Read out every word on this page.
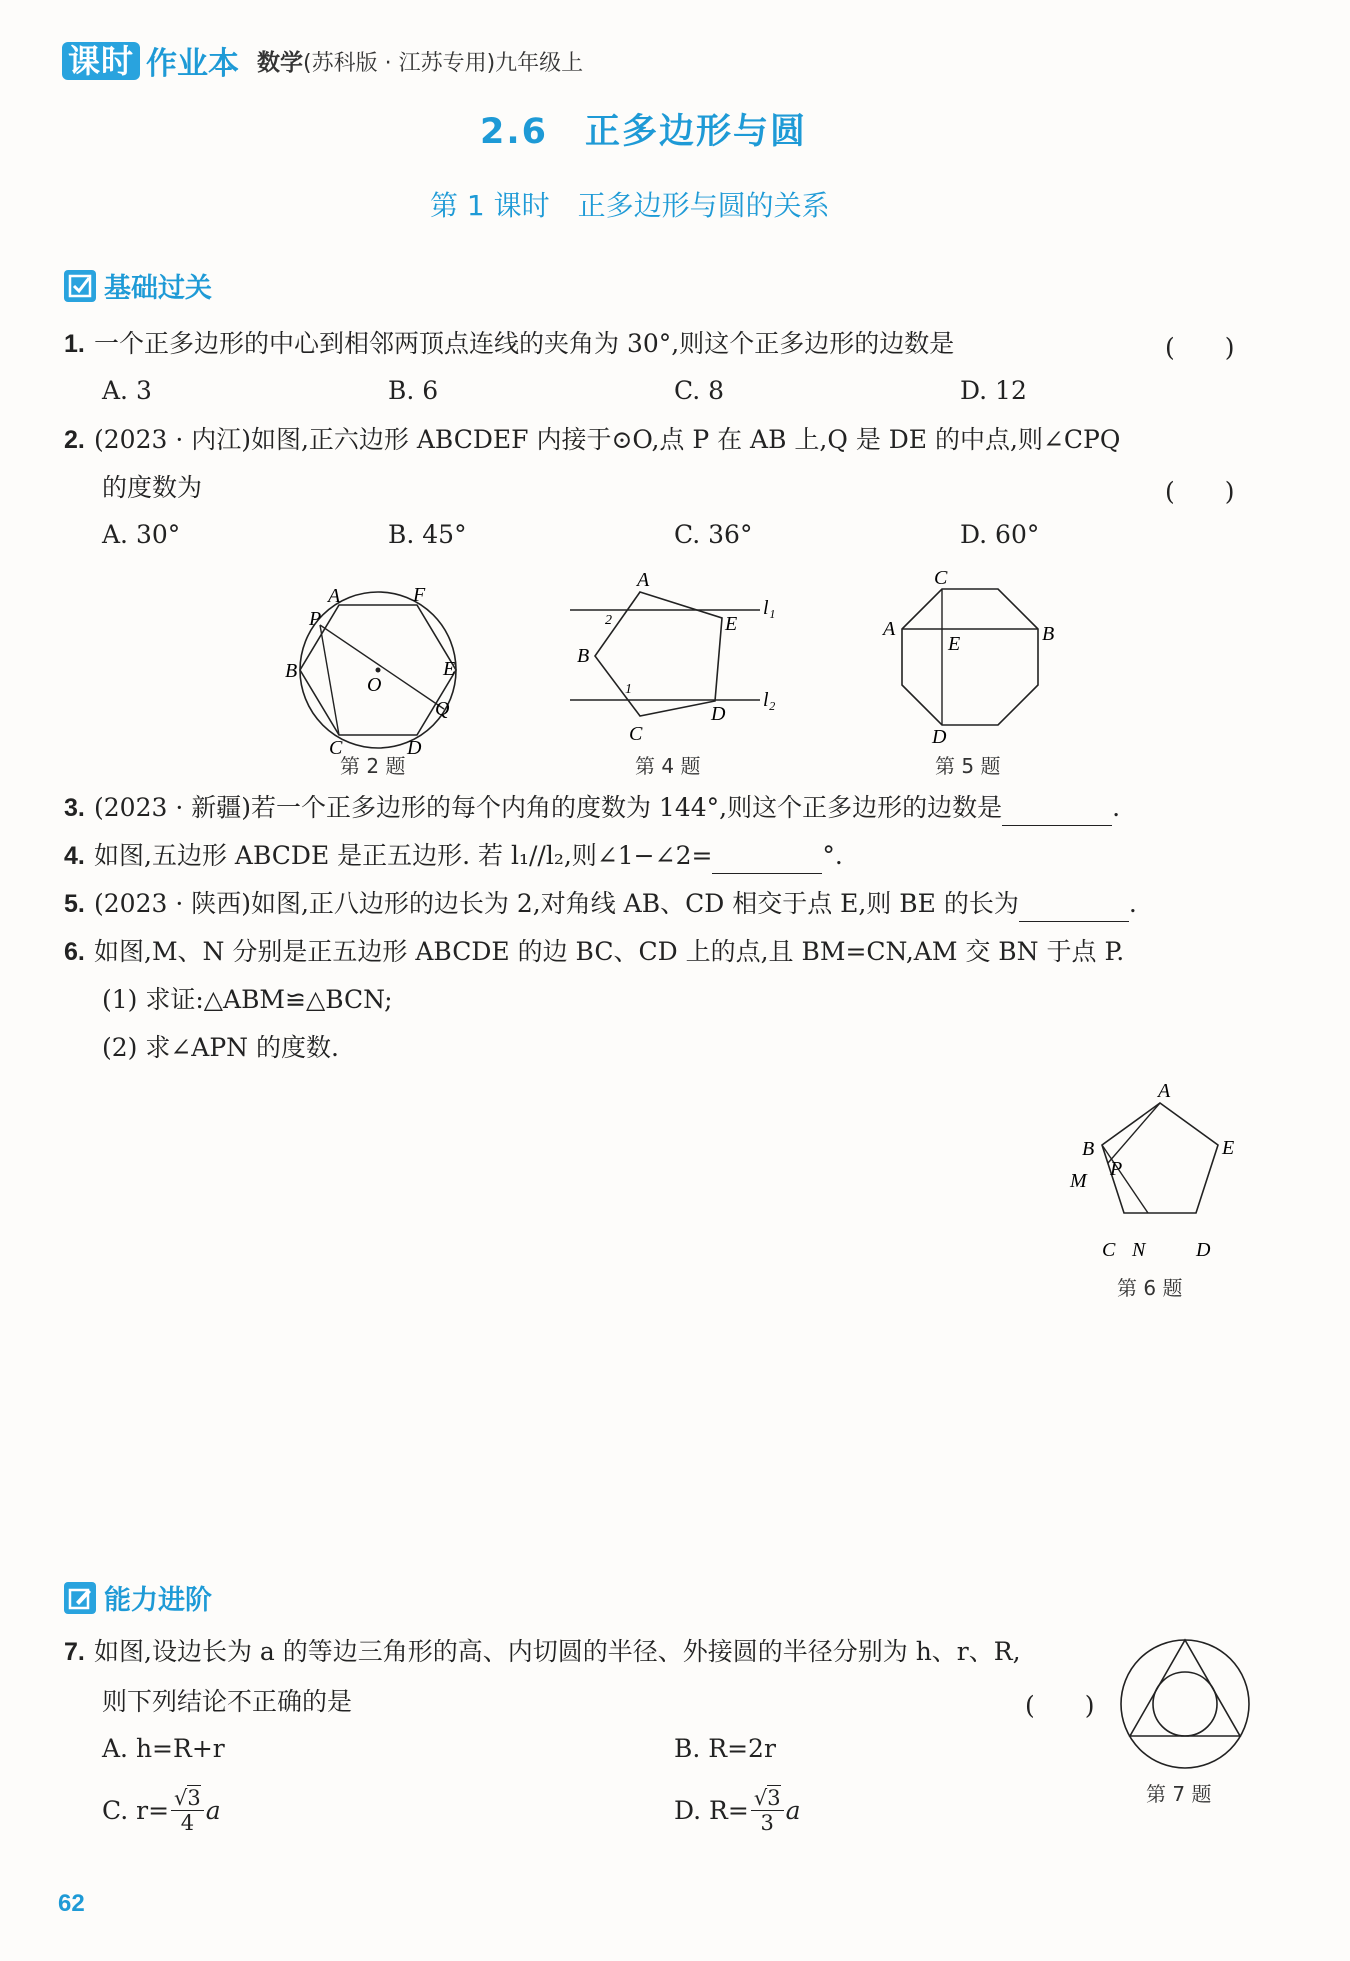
课时 作业本 数学(苏科版 · 江苏专用)九年级上
2.6　正多边形与圆
第 1 课时　正多边形与圆的关系
基础过关
1. 一个正多边形的中心到相邻两顶点连线的夹角为 30°,则这个正多边形的边数是	(　　)
A. 3	B. 6	C. 8	D. 12
2. (2023 · 内江)如图,正六边形 ABCDEF 内接于⊙O,点 P 在 AB 上,Q 是 DE 的中点,则∠CPQ
的度数为	(　　)
A. 30°	B. 45°	C. 36°	D. 60°
A	F
P
B
O
E
Q
C	D
第 2 题
A
E
B
D
C
l₁
l₂
2
1
第 4 题
C
A	B
E
D
第 5 题
3. (2023 · 新疆)若一个正多边形的每个内角的度数为 144°,则这个正多边形的边数是	.
4. 如图,五边形 ABCDE 是正五边形. 若 l₁//l₂,则∠1−∠2=	°.
5. (2023 · 陕西)如图,正八边形的边长为 2,对角线 AB、CD 相交于点 E,则 BE 的长为	.
6. 如图,M、N 分别是正五边形 ABCDE 的边 BC、CD 上的点,且 BM=CN,AM 交 BN 于点 P.
(1) 求证:△ABM≌△BCN;
(2) 求∠APN 的度数.
A
E
B
M
P
C N	D
第 6 题
能力进阶
7. 如图,设边长为 a 的等边三角形的高、内切圆的半径、外接圆的半径分别为 h、r、R,
则下列结论不正确的是	(　　)
A. h=R+r	B. R=2r
C. $r= \frac{√3}{4}$ a	D. $R= \frac{√3}{3}$ a
第 7 题
62
